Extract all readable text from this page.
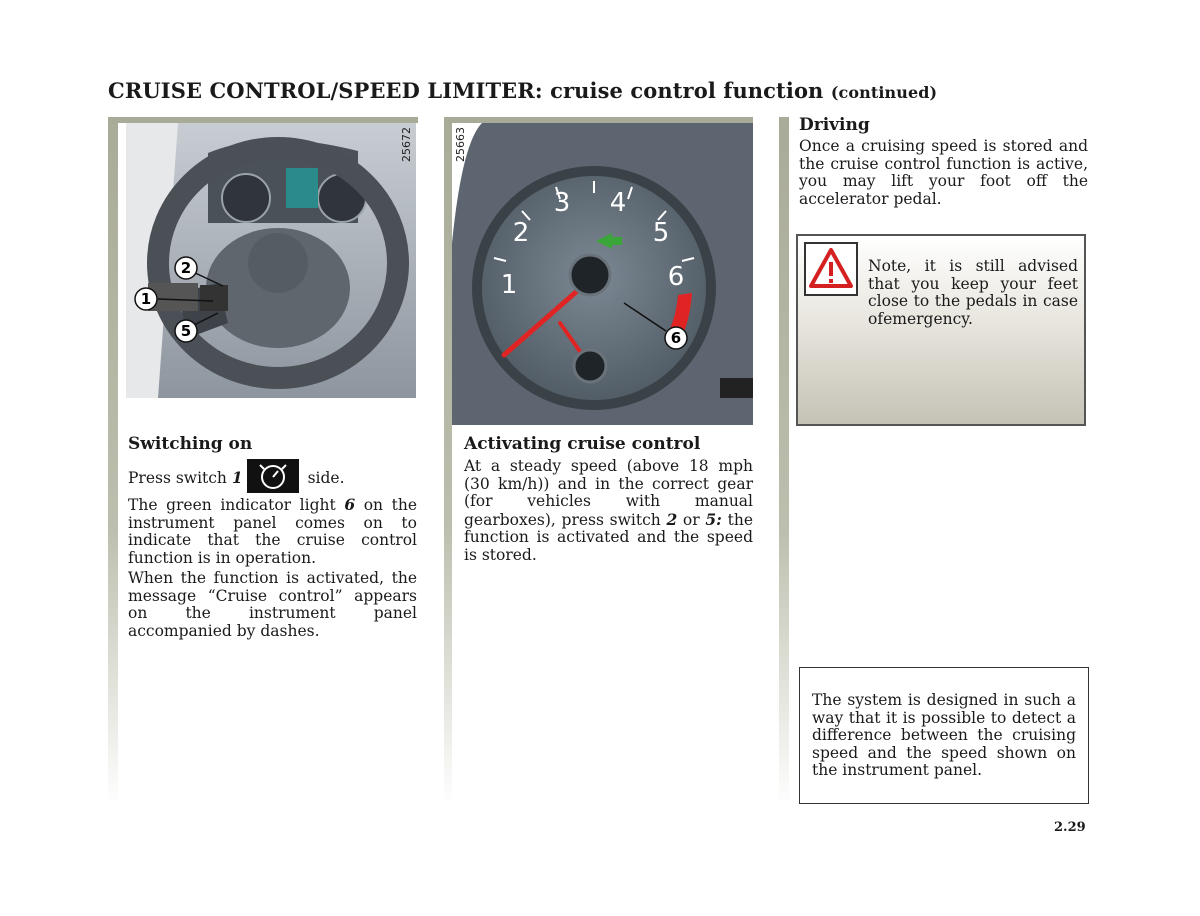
CRUISE CONTROL/SPEED LIMITER: cruise control function (continued)
2
1
5
25672
3 4
2	5
1	6
6
25663
Switching on

Press switch 1	side.

The green indicator light 6 on the instrument panel comes on to indicate that the cruise control function is in operation.

When the function is activated, the message “Cruise control” appears on the instrument panel accompanied by dashes.

Activating cruise control

At a steady speed (above 18 mph (30 km/h)) and in the correct gear (for vehicles with manual gearboxes), press switch 2 or 5: the function is activated and the speed is stored.

Driving

Once a cruising speed is stored and the cruise control function is active, you may lift your foot off the accelerator pedal.

Note, it is still advised that you keep your feet close to the pedals in case ofemergency.

The system is designed in such a way that it is possible to detect a difference between the cruising speed and the speed shown on the instrument panel.

2.29
